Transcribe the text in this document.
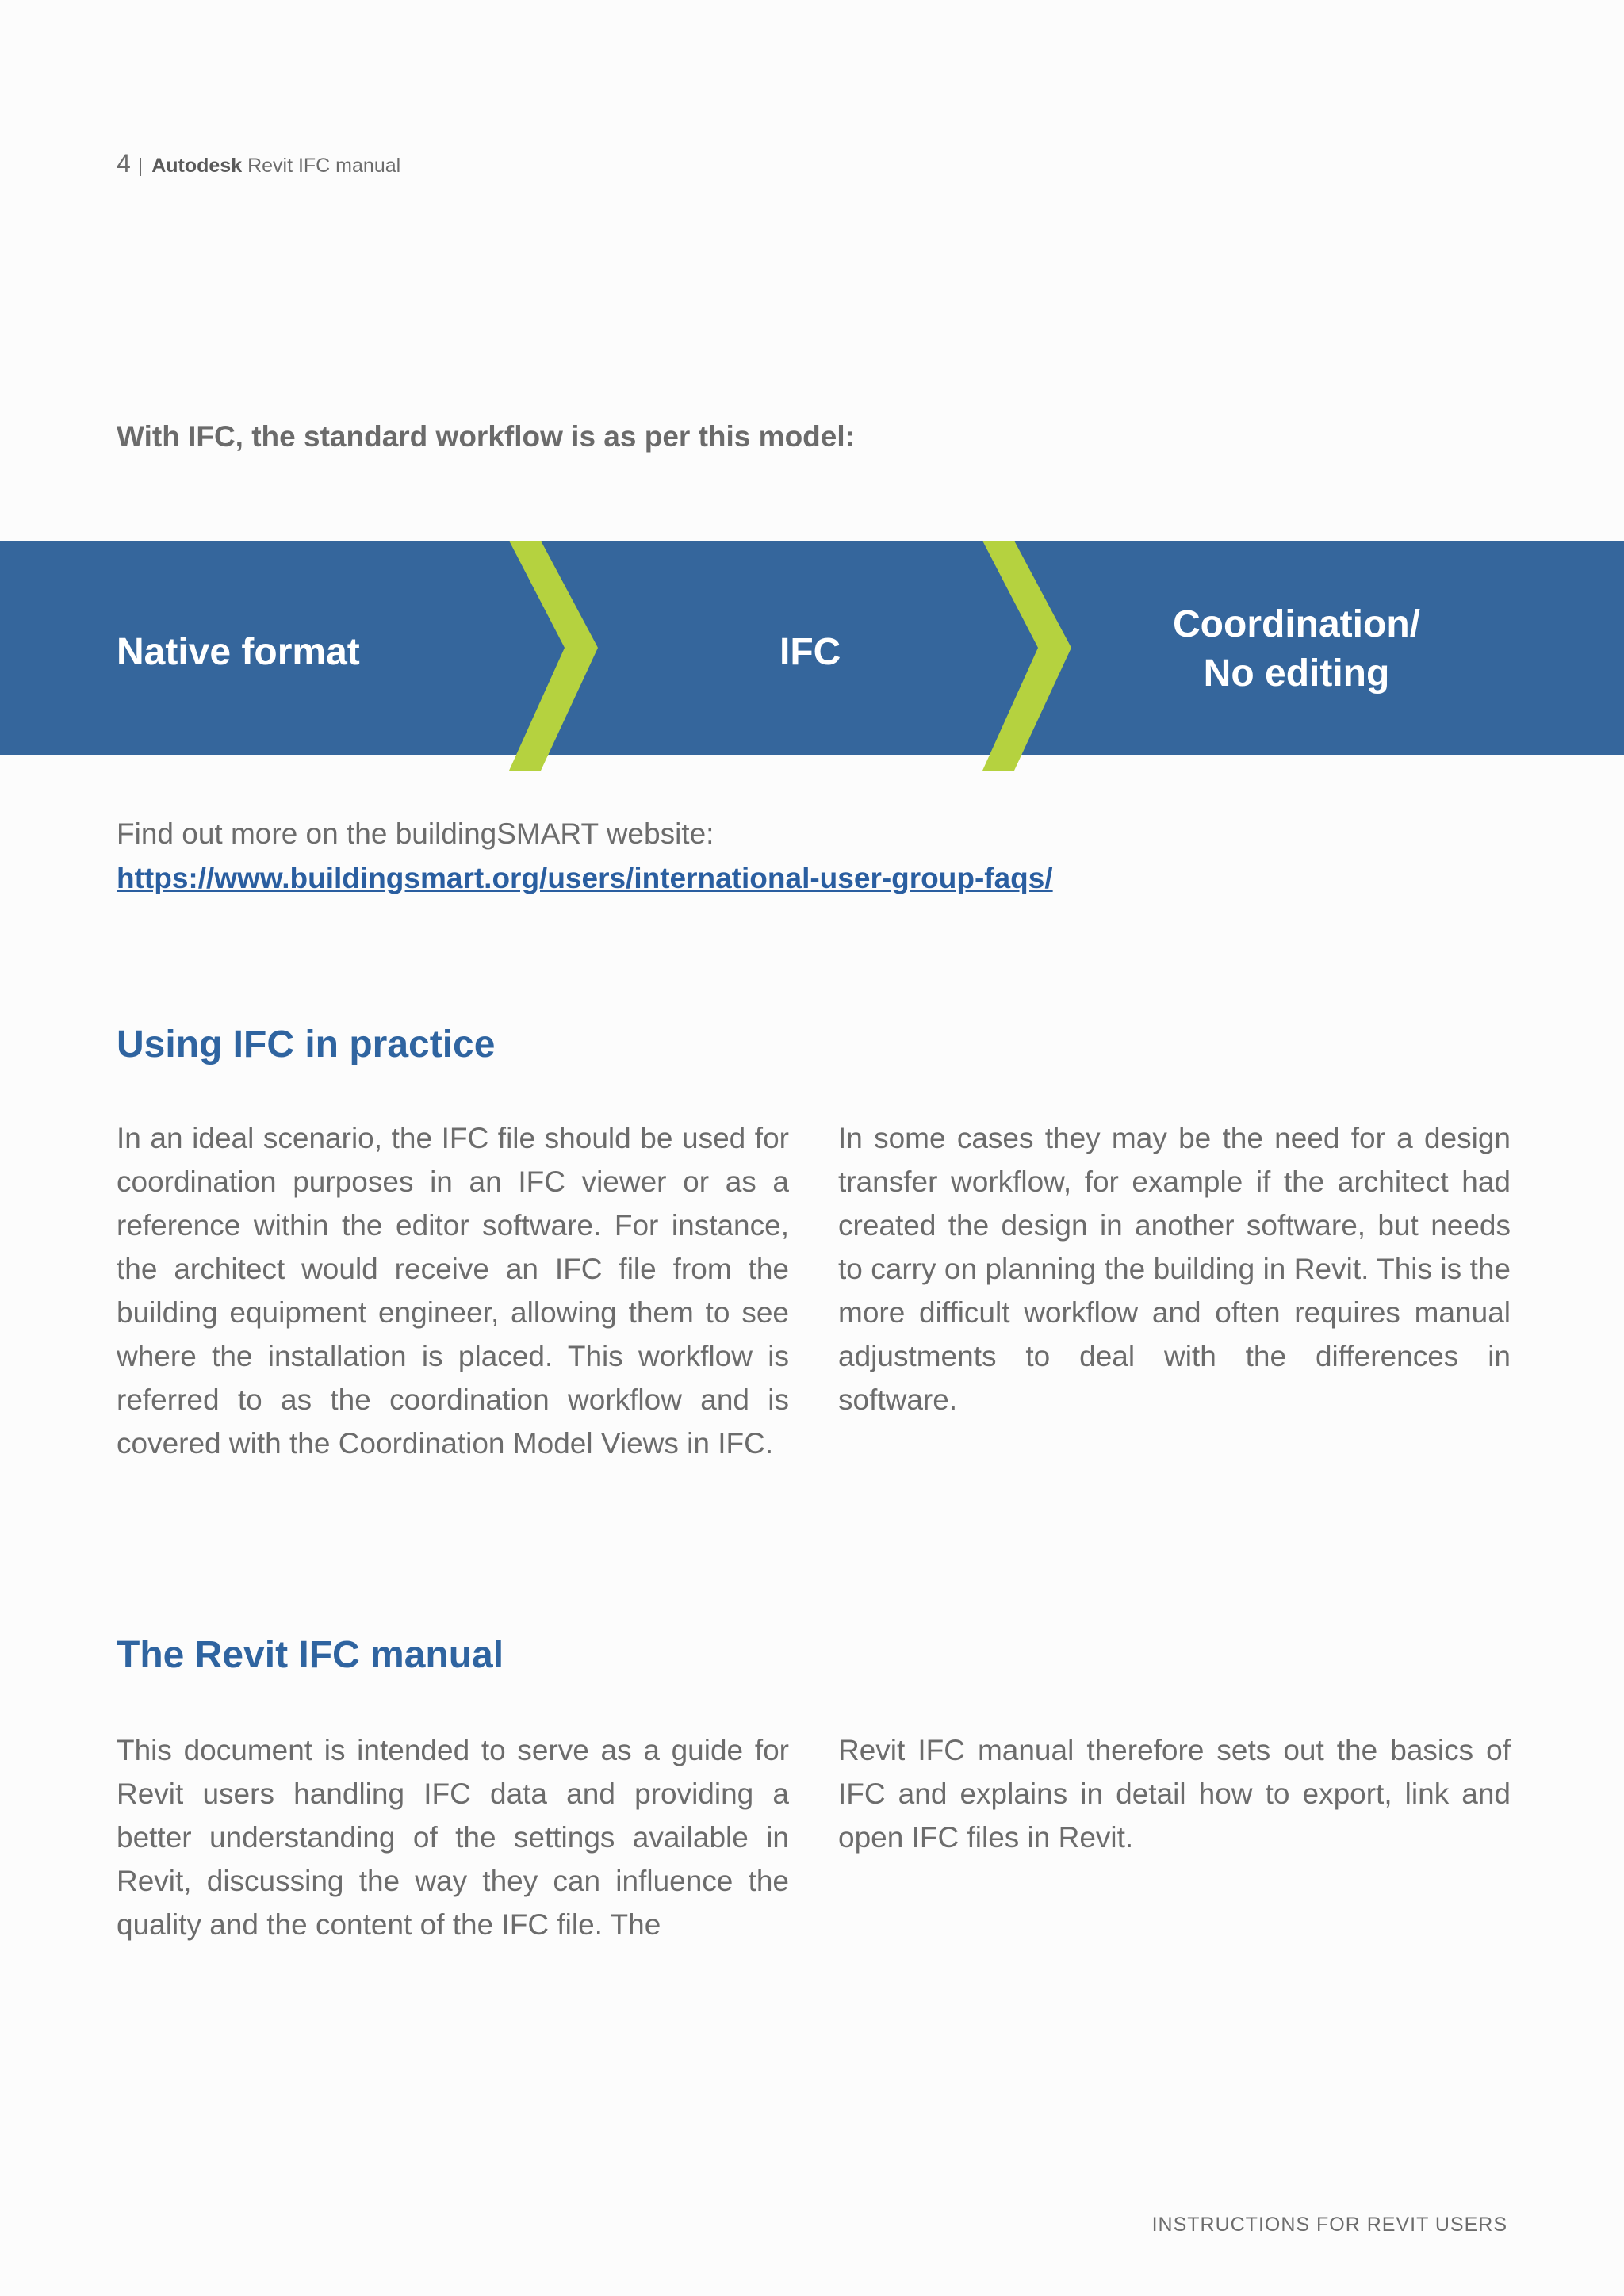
4 | Autodesk Revit IFC manual

With IFC, the standard workflow is as per this model:

Native format	IFC
Coordination/
No editing
Find out more on the buildingSMART website:
https://www.buildingsmart.org/users/international-user-group-faqs/
Using IFC in practice

In an ideal scenario, the IFC file should be used for coordination purposes in an IFC viewer or as a reference within the editor software. For instance, the architect would receive an IFC file from the building equipment engineer, allowing them to see where the installation is placed. This workflow is referred to as the coordination workflow and is covered with the Coordination Model Views in IFC.

In some cases they may be the need for a design transfer workflow, for example if the architect had created the design in another software, but needs to carry on planning the building in Revit. This is the more difficult workflow and often requires manual adjustments to deal with the differences in software.

The Revit IFC manual

This document is intended to serve as a guide for Revit users handling IFC data and providing a better understanding of the settings available in Revit, discussing the way they can influence the quality and the content of the IFC file. The

Revit IFC manual therefore sets out the basics of IFC and explains in detail how to export, link and open IFC files in Revit.

INSTRUCTIONS FOR REVIT USERS
